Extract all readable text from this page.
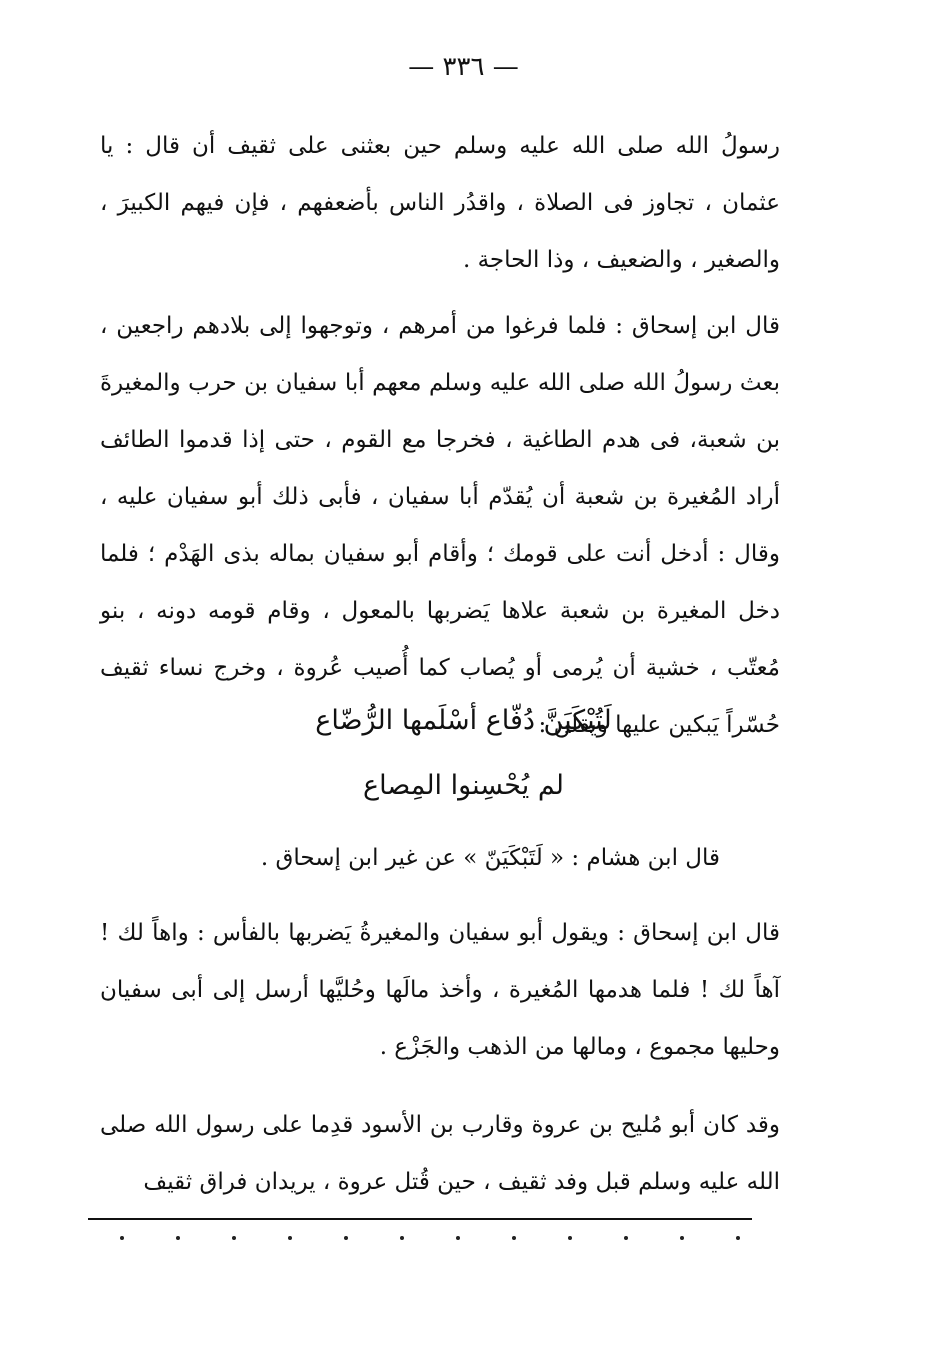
— ٣٣٦ —

رسولُ الله صلى الله عليه وسلم حين بعثنى على ثقيف أن قال : يا عثمان ، تجاوز فى الصلاة ، واقدُر الناس بأضعفهم ، فإن فيهم الكبيرَ ، والصغير ، والضعيف ، وذا الحاجة .

قال ابن إسحاق : فلما فرغوا من أمرهم ، وتوجهوا إلى بلادهم راجعين ، بعث رسولُ الله صلى الله عليه وسلم معهم أبا سفيان بن حرب والمغيرةَ بن شعبة، فى هدم الطاغية ، فخرجا مع القوم ، حتى إذا قدموا الطائف أراد المُغيرة بن شعبة أن يُقدّم أبا سفيان ، فأبى ذلك أبو سفيان عليه ، وقال : أدخل أنت على قومك ؛ وأقام أبو سفيان بماله بذى الهَدْم ؛ فلما دخل المغيرة بن شعبة علاها يَضربها بالمعول ، وقام قومه دونه ، بنو مُعتّب ، خشية أن يُرمى أو يُصاب كما أُصيب عُروة ، وخرج نساء ثقيف حُسّراً يَبكين عليها ويقلن :

لَتُبْكَيَنَّ دُفّاع أسْلَمها الرُّضّاع
لم يُحْسِنوا المِصاع
قال ابن هشام : « لَتَبْكَيَنّ » عن غير ابن إسحاق .

قال ابن إسحاق : ويقول أبو سفيان والمغيرةُ يَضربها بالفأس : واهاً لك ! آهاً لك ! فلما هدمها المُغيرة ، وأخذ مالَها وحُليَّها أرسل إلى أبى سفيان وحليها مجموع ، ومالها من الذهب والجَزْع .

وقد كان أبو مُليح بن عروة وقارب بن الأسود قدِما على رسول الله صلى الله عليه وسلم قبل وفد ثقيف ، حين قُتل عروة ، يريدان فراق ثقيف
